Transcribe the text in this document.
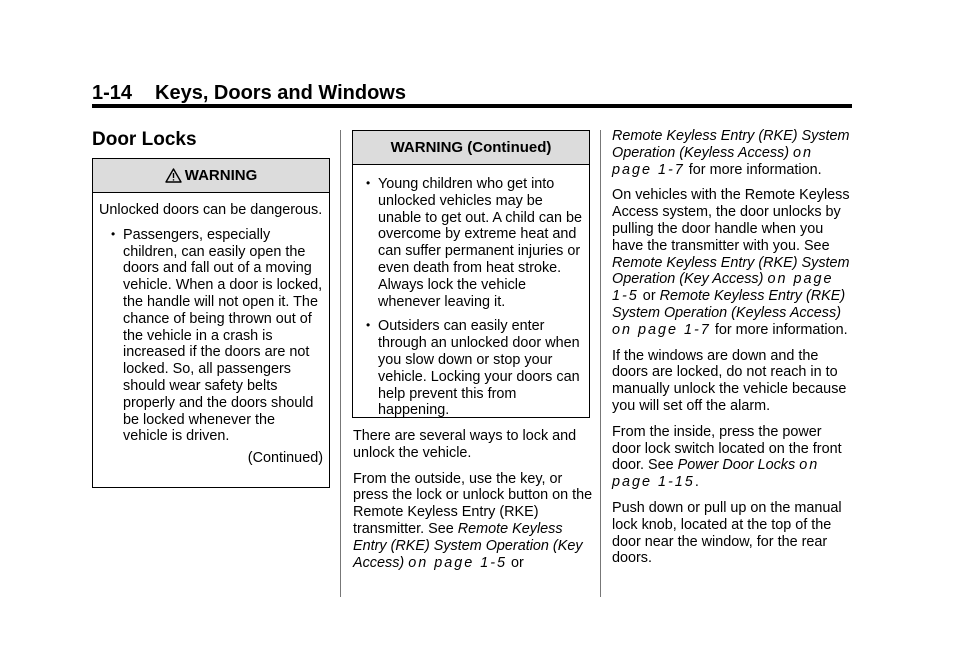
1-14 Keys, Doors and Windows
Door Locks
WARNING

Unlocked doors can be dangerous.

• Passengers, especially children, can easily open the doors and fall out of a moving vehicle. When a door is locked, the handle will not open it. The chance of being thrown out of the vehicle in a crash is increased if the doors are not locked. So, all passengers should wear safety belts properly and the doors should be locked whenever the vehicle is driven.
(Continued)
WARNING (Continued)
• Young children who get into unlocked vehicles may be unable to get out. A child can be overcome by extreme heat and can suffer permanent injuries or even death from heat stroke. Always lock the vehicle whenever leaving it.
• Outsiders can easily enter through an unlocked door when you slow down or stop your vehicle. Locking your doors can help prevent this from happening.

There are several ways to lock and unlock the vehicle.

From the outside, use the key, or press the lock or unlock button on the Remote Keyless Entry (RKE) transmitter. See Remote Keyless Entry (RKE) System Operation (Key Access) on page 1-5 or

Remote Keyless Entry (RKE) System Operation (Keyless Access) on page 1-7 for more information.

On vehicles with the Remote Keyless Access system, the door unlocks by pulling the door handle when you have the transmitter with you. See Remote Keyless Entry (RKE) System Operation (Key Access) on page 1-5 or Remote Keyless Entry (RKE) System Operation (Keyless Access) on page 1-7 for more information.

If the windows are down and the doors are locked, do not reach in to manually unlock the vehicle because you will set off the alarm.

From the inside, press the power door lock switch located on the front door. See Power Door Locks on page 1-15.

Push down or pull up on the manual lock knob, located at the top of the door near the window, for the rear doors.
